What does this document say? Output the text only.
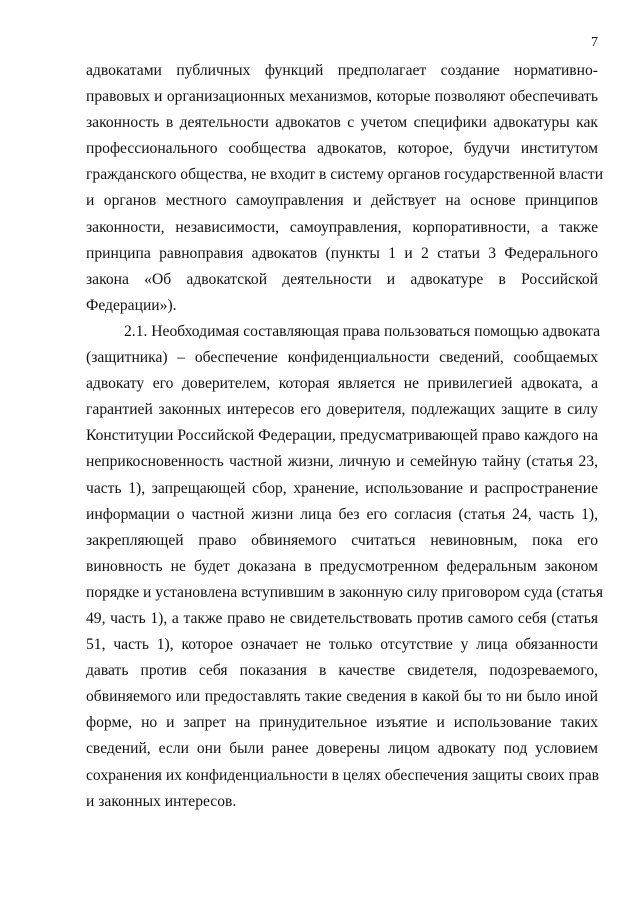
7
адвокатами публичных функций предполагает создание нормативно-
правовых и организационных механизмов, которые позволяют обеспечивать
законность в деятельности адвокатов с учетом специфики адвокатуры как
профессионального сообщества адвокатов, которое, будучи институтом
гражданского общества, не входит в систему органов государственной власти
и органов местного самоуправления и действует на основе принципов
законности, независимости, самоуправления, корпоративности, а также
принципа равноправия адвокатов (пункты 1 и 2 статьи 3 Федерального
закона «Об адвокатской деятельности и адвокатуре в Российской
Федерации»).
2.1. Необходимая составляющая права пользоваться помощью адвоката
(защитника) – обеспечение конфиденциальности сведений, сообщаемых
адвокату его доверителем, которая является не привилегией адвоката, а
гарантией законных интересов его доверителя, подлежащих защите в силу
Конституции Российской Федерации, предусматривающей право каждого на
неприкосновенность частной жизни, личную и семейную тайну (статья 23,
часть 1), запрещающей сбор, хранение, использование и распространение
информации о частной жизни лица без его согласия (статья 24, часть 1),
закрепляющей право обвиняемого считаться невиновным, пока его
виновность не будет доказана в предусмотренном федеральным законом
порядке и установлена вступившим в законную силу приговором суда (статья
49, часть 1), а также право не свидетельствовать против самого себя (статья
51, часть 1), которое означает не только отсутствие у лица обязанности
давать против себя показания в качестве свидетеля, подозреваемого,
обвиняемого или предоставлять такие сведения в какой бы то ни было иной
форме, но и запрет на принудительное изъятие и использование таких
сведений, если они были ранее доверены лицом адвокату под условием
сохранения их конфиденциальности в целях обеспечения защиты своих прав
и законных интересов.
